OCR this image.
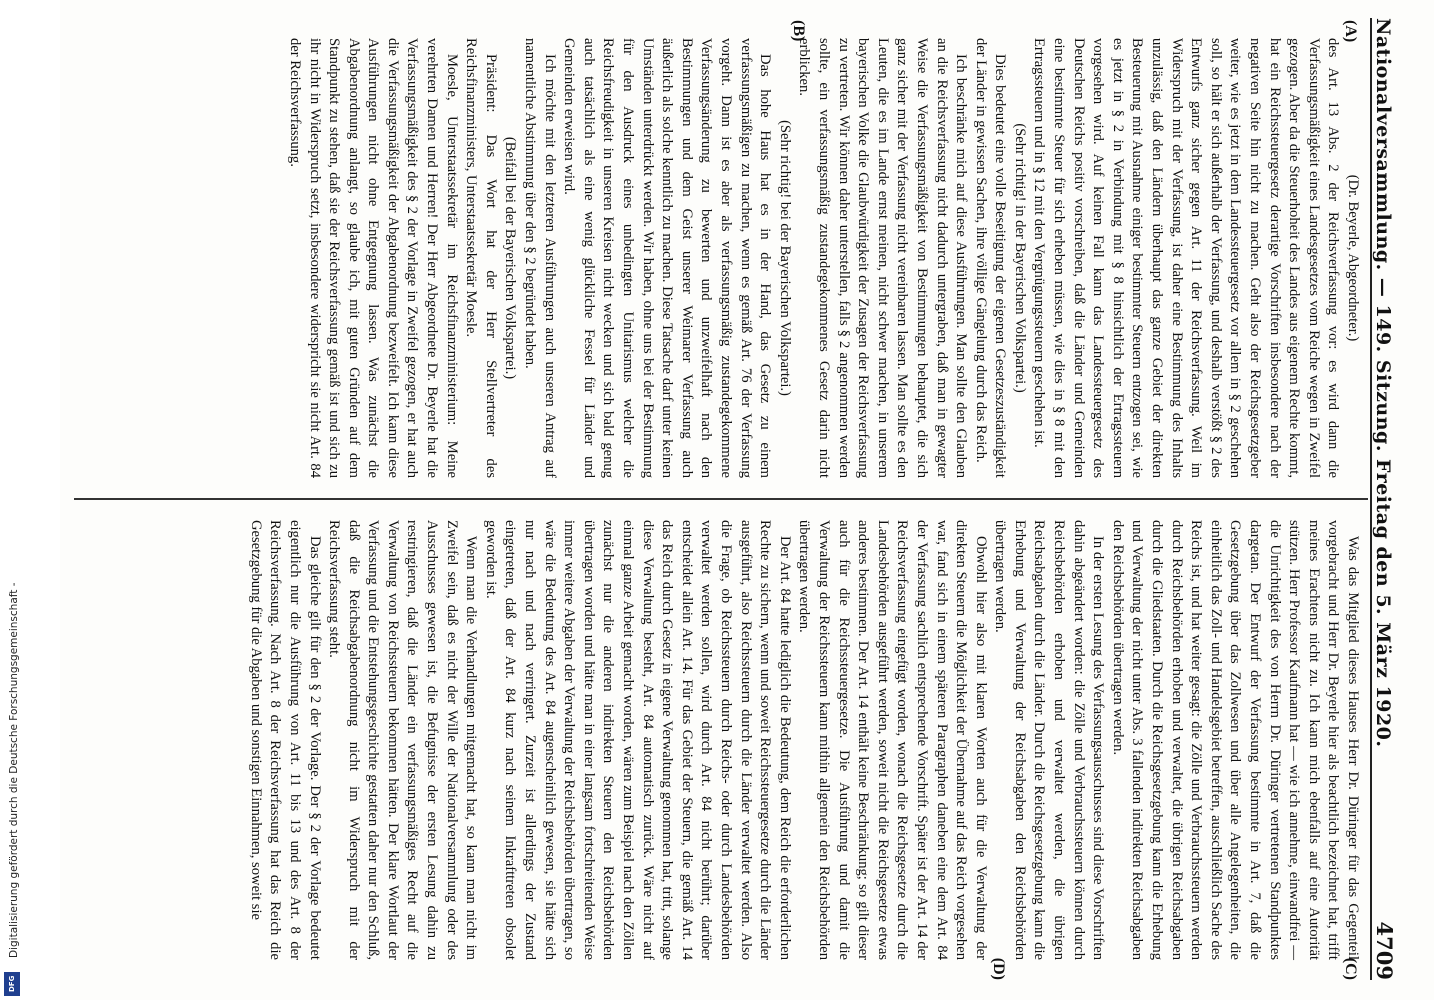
Nationalversammlung. — 149. Sitzung. Freitag den 5. März 1920.
4709
(A)
(B)

(Dr. Beyerle, Abgeordneter.)

des Art. 13 Abs. 2 der Reichsverfassung vor: es wird dann die Verfassungsmäßigkeit eines Landesgesetzes vom Reiche wegen in Zweifel gezogen. Aber da die Steuerhoheit des Landes aus eigenem Rechte kommt, hat ein Reichssteuergesetz derartige Vorschriften insbesondere nach der negativen Seite hin nicht zu machen. Geht also der Reichsgesetzgeber weiter, wie es jetzt in dem Landessteuergesetz vor allem in § 2 geschehen soll, so hält er sich außerhalb der Verfassung, und deshalb verstößt § 2 des Entwurfs ganz sicher gegen Art. 11 der Reichsverfassung. Weil im Widerspruch mit der Verfassung, ist daher eine Bestimmung des Inhalts unzulässig, daß den Ländern überhaupt das ganze Gebiet der direkten Besteuerung mit Ausnahme einiger bestimmter Steuern entzogen sei, wie es jetzt in § 2 in Verbindung mit § 8 hinsichtlich der Ertragssteuern vorgesehen wird. Auf keinen Fall kann das Landessteuergesetz des Deutschen Reichs positiv vorschreiben, daß die Länder und Gemeinden eine bestimmte Steuer für sich erheben müssen, wie dies in § 8 mit den Ertragssteuern und in § 12 mit den Vergnügungssteuern geschehen ist.

(Sehr richtig! in der Bayerischen Volkspartei.)

Dies bedeutet eine volle Beseitigung der eigenen Gesetzeszuständigkeit der Länder in gewissen Sachen, ihre völlige Gängelung durch das Reich.

Ich beschränke mich auf diese Ausführungen. Man sollte den Glauben an die Reichsverfassung nicht dadurch untergraben, daß man in gewagter Weise die Verfassungsmäßigkeit von Bestimmungen behauptet, die sich ganz sicher mit der Verfassung nicht vereinbaren lassen. Man sollte es den Leuten, die es im Lande ernst meinen, nicht schwer machen, in unserem bayerischen Volke die Glaubwürdigkeit der Zusagen der Reichsverfassung zu vertreten. Wir können daher unterstellen, falls § 2 angenommen werden sollte, ein verfassungsmäßig zustandegekommenes Gesetz darin nicht erblicken.

(Sehr richtig! bei der Bayerischen Volkspartei.)

Das hohe Haus hat es in der Hand, das Gesetz zu einem verfassungsmäßigen zu machen, wenn es gemäß Art. 76 der Verfassung vorgeht. Dann ist es aber als verfassungsmäßig zustandegekommene Verfassungsänderung zu bewerten und unzweifelhaft nach den Bestimmungen und dem Geist unserer Weimarer Verfassung auch äußerlich als solche kenntlich zu machen. Diese Tatsache darf unter keinen Umständen unterdrückt werden. Wir haben, ohne uns bei der Bestimmung für den Ausdruck eines unbedingten Unitarismus welcher die Reichsfreudigkeit in unseren Kreisen nicht wecken und sich bald genug auch tatsächlich als eine wenig glückliche Fessel für Länder und Gemeinden erweisen wird.

Ich möchte mit den letzteren Ausführungen auch unseren Antrag auf namentliche Abstimmung über den § 2 begründet haben.

(Beifall bei der Bayerischen Volkspartei.)

Präsident: Das Wort hat der Herr Stellvertreter des Reichsfinanzministers, Unterstaatssekretär Moesle.

Moesle, Unterstaatssekretär im Reichsfinanzministerium: Meine verehrten Damen und Herren! Der Herr Abgeordnete Dr. Beyerle hat die Verfassungsmäßigkeit des § 2 der Vorlage in Zweifel gezogen, er hat auch die Verfassungsmäßigkeit der Abgabenordnung bezweifelt. Ich kann diese Ausführungen nicht ohne Entgegnung lassen. Was zunächst die Abgabenordnung anlangt, so glaube ich, mit guten Gründen auf dem Standpunkt zu stehen, daß sie der Reichsverfassung gemäß ist und sich zu ihr nicht in Widerspruch setzt, insbesondere widerspricht sie nicht Art. 84 der Reichsverfassung.

(C)
(D)

Was das Mitglied dieses Hauses Herr Dr. Düringer für das Gegenteil vorgebracht und Herr Dr. Beyerle hier als beachtlich bezeichnet hat, trifft meines Erachtens nicht zu. Ich kann mich ebenfalls auf eine Autorität stützen. Herr Professor Kaufmann hat — wie ich annehme, einwandfrei — die Unrichtigkeit des von Herrn Dr. Düringer vertretenen Standpunktes dargetan. Der Entwurf der Verfassung bestimmte in Art. 7, daß die Gesetzgebung über das Zollwesen und über alle Angelegenheiten, die einheitlich das Zoll- und Handelsgebiet betreffen, ausschließlich Sache des Reichs ist, und hat weiter gesagt: die Zölle und Verbrauchssteuern werden durch Reichsbehörden erhoben und verwaltet, die übrigen Reichsabgaben durch die Gliedstaaten. Durch die Reichsgesetzgebung kann die Erhebung und Verwaltung der nicht unter Abs. 3 fallenden indirekten Reichsabgaben den Reichsbehörden übertragen werden.

In der ersten Lesung des Verfassungsausschusses sind diese Vorschriften dahin abgeändert worden: die Zölle und Verbrauchssteuern können durch Reichsbehörden erhoben und verwaltet werden, die übrigen Reichsabgaben durch die Länder. Durch die Reichsgesetzgebung kann die Erhebung und Verwaltung der Reichsabgaben den Reichsbehörden übertragen werden.

Obwohl hier also mit klaren Worten auch für die Verwaltung der direkten Steuern die Möglichkeit der Übernahme auf das Reich vorgesehen war, fand sich in einem späteren Paragraphen daneben eine dem Art. 84 der Verfassung sachlich entsprechende Vorschrift. Später ist der Art. 14 der Reichsverfassung eingefügt worden, wonach die Reichsgesetze durch die Landesbehörden ausgeführt werden, soweit nicht die Reichsgesetze etwas anderes bestimmen. Der Art. 14 enthält keine Beschränkung; so gilt dieser auch für die Reichssteuergesetze. Die Ausführung und damit die Verwaltung der Reichssteuern kann mithin allgemein den Reichsbehörden übertragen werden.

Der Art. 84 hatte lediglich die Bedeutung, dem Reich die erforderlichen Rechte zu sichern, wenn und soweit Reichssteuergesetze durch die Länder ausgeführt, also Reichssteuern durch die Länder verwaltet werden. Also die Frage, ob Reichssteuern durch Reichs- oder durch Landesbehörden verwaltet werden sollen, wird durch Art. 84 nicht berührt; darüber entscheidet allein Art. 14. Für das Gebiet der Steuern, die gemäß Art. 14 das Reich durch Gesetz in eigene Verwaltung genommen hat, tritt, solange diese Verwaltung besteht, Art. 84 automatisch zurück. Wäre nicht auf einmal ganze Arbeit gemacht worden, wären zum Beispiel nach den Zöllen zunächst nur die anderen indirekten Steuern den Reichsbehörden übertragen worden und hätte man in einer langsam fortschreitenden Weise immer weitere Abgaben der Verwaltung der Reichsbehörden übertragen, so wäre die Bedeutung des Art. 84 augenscheinlich gewesen, sie hätte sich nur nach und nach verringert. Zurzeit ist allerdings der Zustand eingetreten, daß der Art. 84 kurz nach seinem Inkrafttreten obsolet geworden ist.

Wenn man die Verhandlungen mitgemacht hat, so kann man nicht im Zweifel sein, daß es nicht der Wille der Nationalversammlung oder des Ausschusses gewesen ist, die Befugnisse der ersten Lesung dahin zu restringieren, daß die Länder ein verfassungsmäßiges Recht auf die Verwaltung von Reichssteuern bekommen hätten. Der klare Wortlaut der Verfassung und die Entstehungsgeschichte gestatten daher nur den Schluß, daß die Reichsabgabenordnung nicht im Widerspruch mit der Reichsverfassung steht.

Das gleiche gilt für den § 2 der Vorlage. Der § 2 der Vorlage bedeutet eigentlich nur die Ausführung von Art. 11 bis 13 und des Art. 8 der Reichsverfassung. Nach Art. 8 der Reichsverfassung hat das Reich die Gesetzgebung für die Abgaben und sonstigen Einnahmen, soweit sie

Digitalisierung gefördert durch die Deutsche Forschungsgemeinschaft -
DFG
